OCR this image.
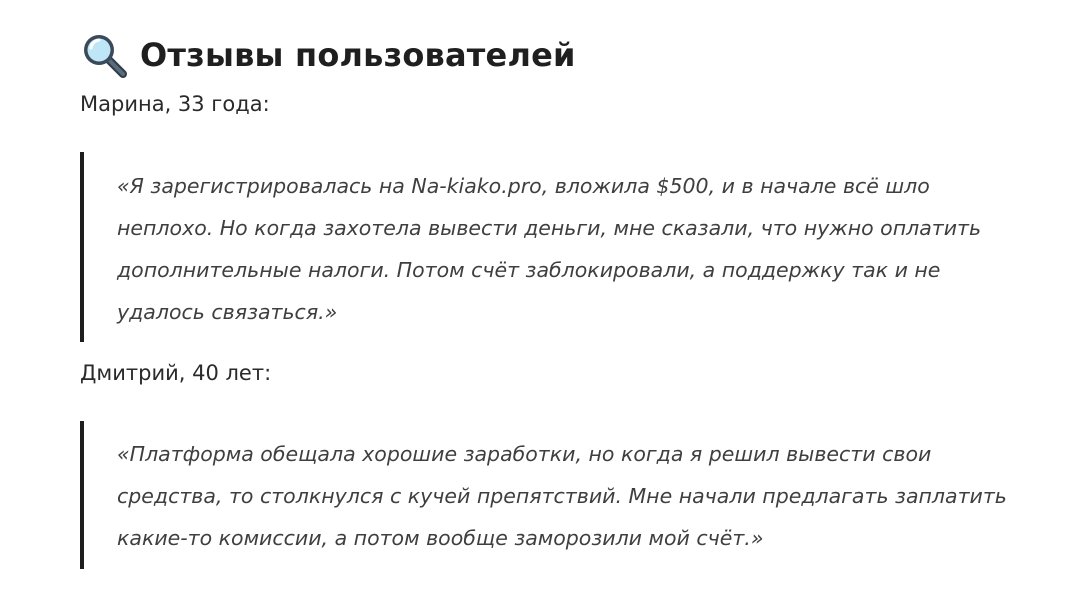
Отзывы пользователей

Марина, 33 года:

«Я зарегистрировалась на Na-kiako.pro, вложила $500, и в начале всё шло неплохо. Но когда захотела вывести деньги, мне сказали, что нужно оплатить дополнительные налоги. Потом счёт заблокировали, а поддержку так и не удалось связаться.»

Дмитрий, 40 лет:

«Платформа обещала хорошие заработки, но когда я решил вывести свои средства, то столкнулся с кучей препятствий. Мне начали предлагать заплатить какие-то комиссии, а потом вообще заморозили мой счёт.»
